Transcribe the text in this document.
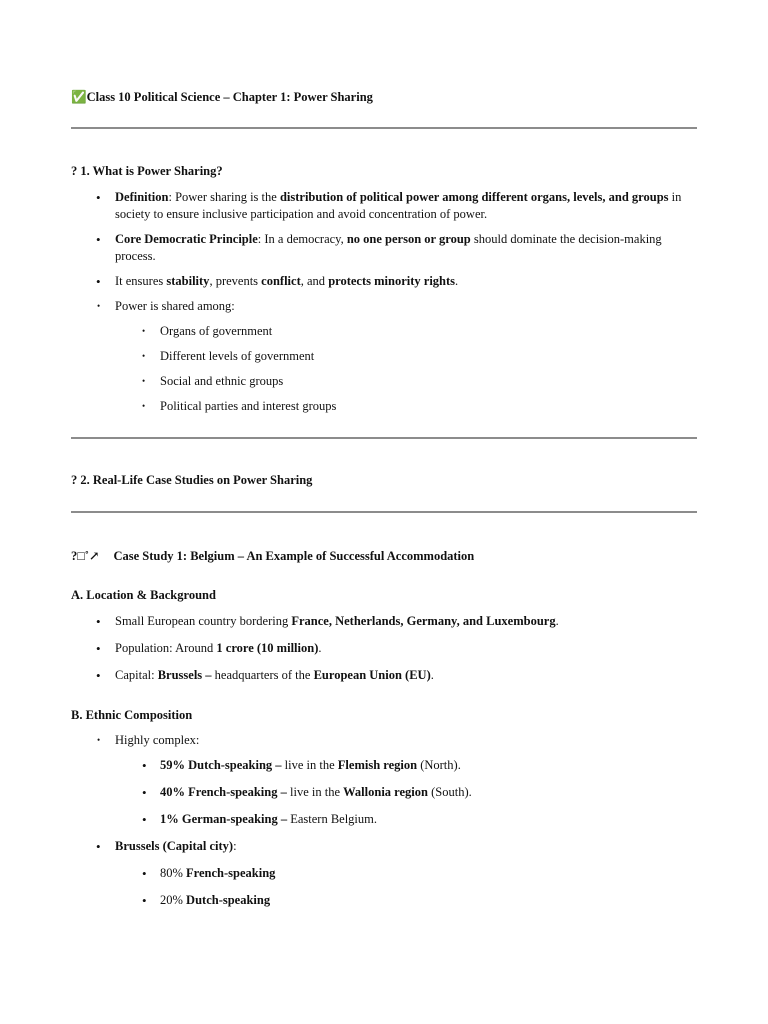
✅Class 10 Political Science – Chapter 1: Power Sharing
? 1. What is Power Sharing?
• Definition: Power sharing is the distribution of political power among different organs, levels, and groups in society to ensure inclusive participation and avoid concentration of power.
• Core Democratic Principle: In a democracy, no one person or group should dominate the decision-making process.
• It ensures stability, prevents conflict, and protects minority rights.
• Power is shared among:
• Organs of government
• Different levels of government
• Social and ethnic groups
• Political parties and interest groups
? 2. Real-Life Case Studies on Power Sharing
?□˚↗ Case Study 1: Belgium – An Example of Successful Accommodation
A. Location & Background
• Small European country bordering France, Netherlands, Germany, and Luxembourg.
• Population: Around 1 crore (10 million).
• Capital: Brussels – headquarters of the European Union (EU).
B. Ethnic Composition
• Highly complex:
• 59% Dutch-speaking – live in the Flemish region (North).
• 40% French-speaking – live in the Wallonia region (South).
• 1% German-speaking – Eastern Belgium.
• Brussels (Capital city):
• 80% French-speaking
• 20% Dutch-speaking
